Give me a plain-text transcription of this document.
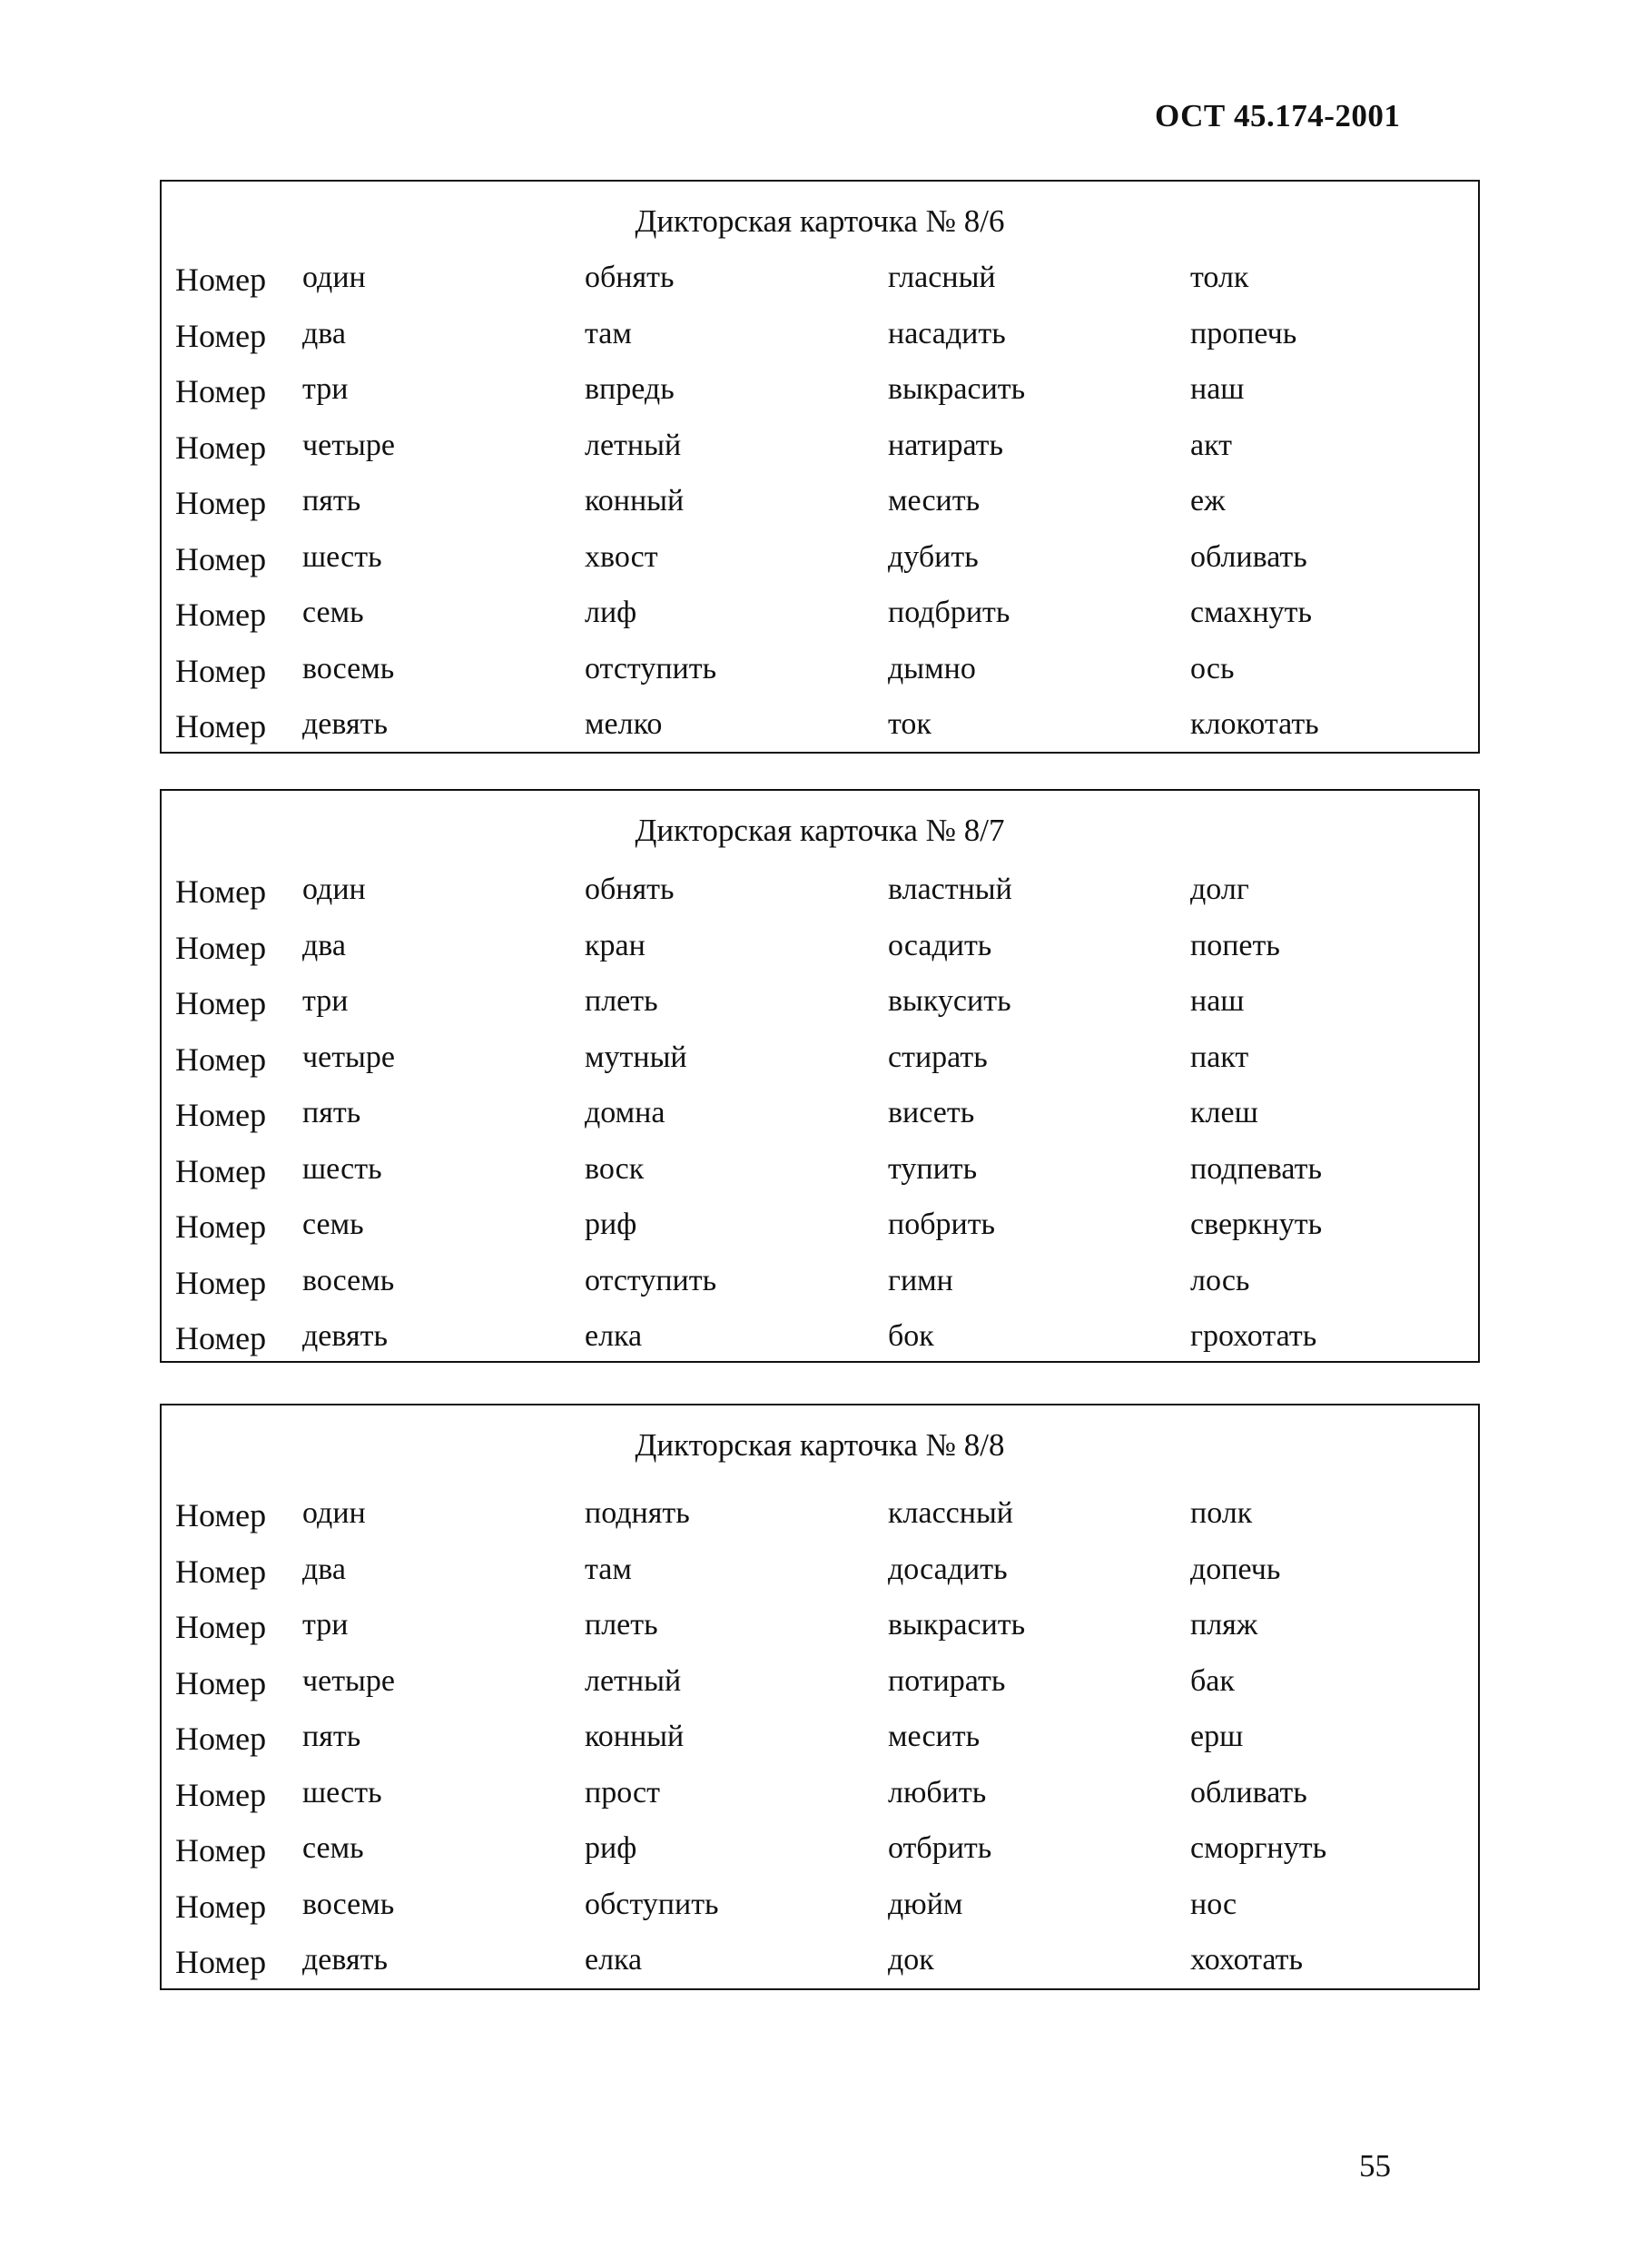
ОСТ 45.174-2001
Дикторская карточка № 8/6
Номер один	обнять	гласный	толк
Номер два	там	насадить	пропечь
Номер три	впредь	выкрасить	наш
Номер четыре	летный	натирать	акт
Номер пять	конный	месить	еж
Номер шесть	хвост	дубить	обливать
Номер семь	лиф	подбрить	смахнуть
Номер восемь	отступить	дымно	ось
Номер девять	мелко	ток	клокотать
Дикторская карточка № 8/7
Номер один	обнять	властный	долг
Номер два	кран	осадить	попеть
Номер три	плеть	выкусить	наш
Номер четыре	мутный	стирать	пакт
Номер пять	домна	висеть	клеш
Номер шесть	воск	тупить	подпевать
Номер семь	риф	побрить	сверкнуть
Номер восемь	отступить	гимн	лось
Номер девять	елка	бок	грохотать
Дикторская карточка № 8/8
Номер один	поднять	классный	полк
Номер два	там	досадить	допечь
Номер три	плеть	выкрасить	пляж
Номер четыре	летный	потирать	бак
Номер пять	конный	месить	ерш
Номер шесть	прост	любить	обливать
Номер семь	риф	отбрить	сморгнуть
Номер восемь	обступить	дюйм	нос
Номер девять	елка	док	хохотать
55
